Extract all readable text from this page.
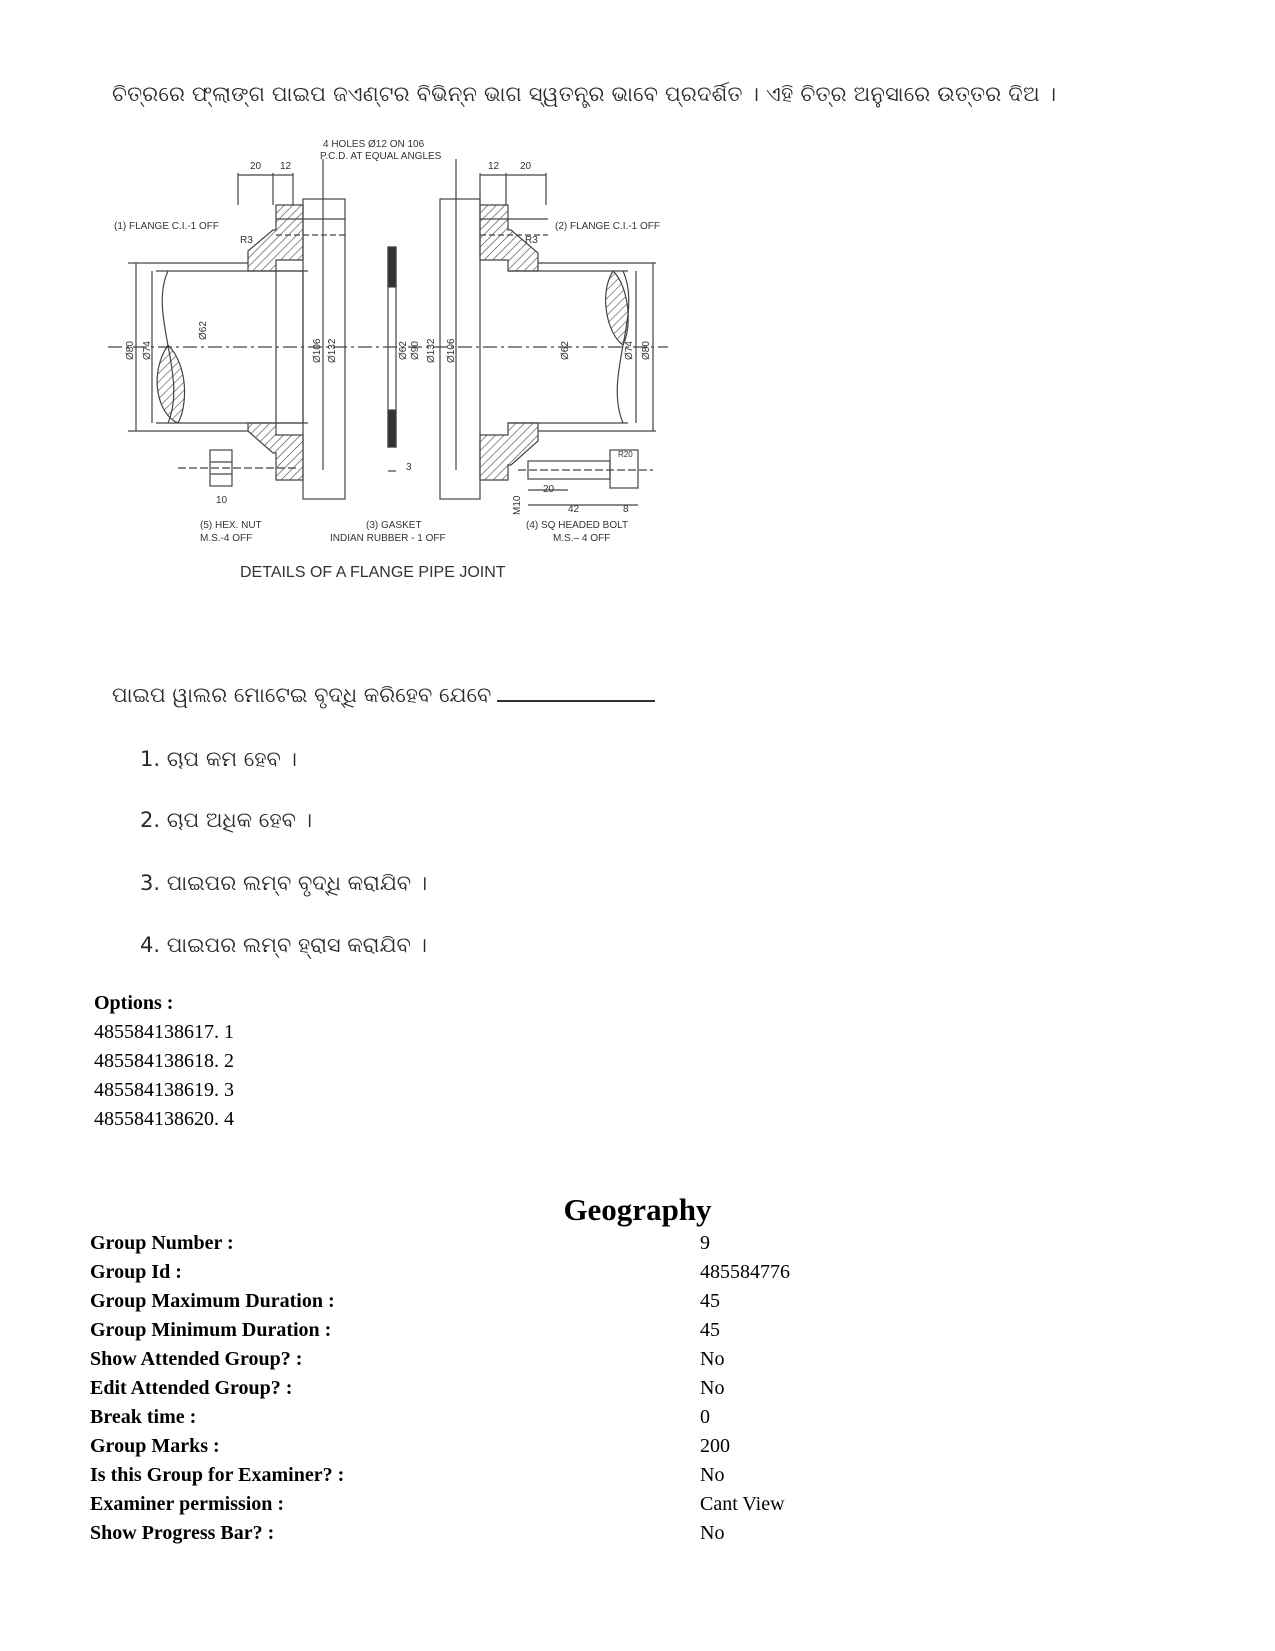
ଚିତ୍ରରେ ଫ୍ଲାଙ୍ଗ ପାଇପ ଜଏଣ୍ଟର ବିଭିନ୍ନ ଭାଗ ସ୍ୱତନ୍ତ୍ର ଭାବେ ପ୍ରଦର୍ଶିତ । ଏହି ଚିତ୍ର ଅନୁସାରେ ଉତ୍ତର ଦିଅ ।
4 HOLES Ø12 ON 106
P.C.D. AT EQUAL ANGLES
20 12	12 20
(1) FLANGE C.I.-1 OFF	(2) FLANGE C.I.-1 OFF
R3	R3
Ø80 Ø74
Ø62
Ø106 Ø132	Ø62 Ø90 Ø132 Ø106	Ø62	Ø74 Ø80
3
10	M10
20
42	8
R20
(5) HEX. NUT
M.S.-4 OFF
(3) GASKET
INDIAN RUBBER - 1 OFF
(4) SQ HEADED BOLT
M.S.– 4 OFF
DETAILS OF A FLANGE PIPE JOINT
ପାଇପ ୱାଲର ମୋଟେଇ ବୃଦ୍ଧି କରିହେବ ଯେବେ
1. ଚାପ କମ ହେବ ।
2. ଚାପ ଅଧିକ ହେବ ।
3. ପାଇପର ଲମ୍ବ ବୃଦ୍ଧି କରାଯିବ ।
4. ପାଇପର ଲମ୍ବ ହ୍ରାସ କରାଯିବ ।
Options :
485584138617. 1
485584138618. 2
485584138619. 3
485584138620. 4
Geography
Group Number :	9
Group Id :	485584776
Group Maximum Duration :	45
Group Minimum Duration :	45
Show Attended Group? :	No
Edit Attended Group? :	No
Break time :	0
Group Marks :	200
Is this Group for Examiner? :	No
Examiner permission :	Cant View
Show Progress Bar? :	No
